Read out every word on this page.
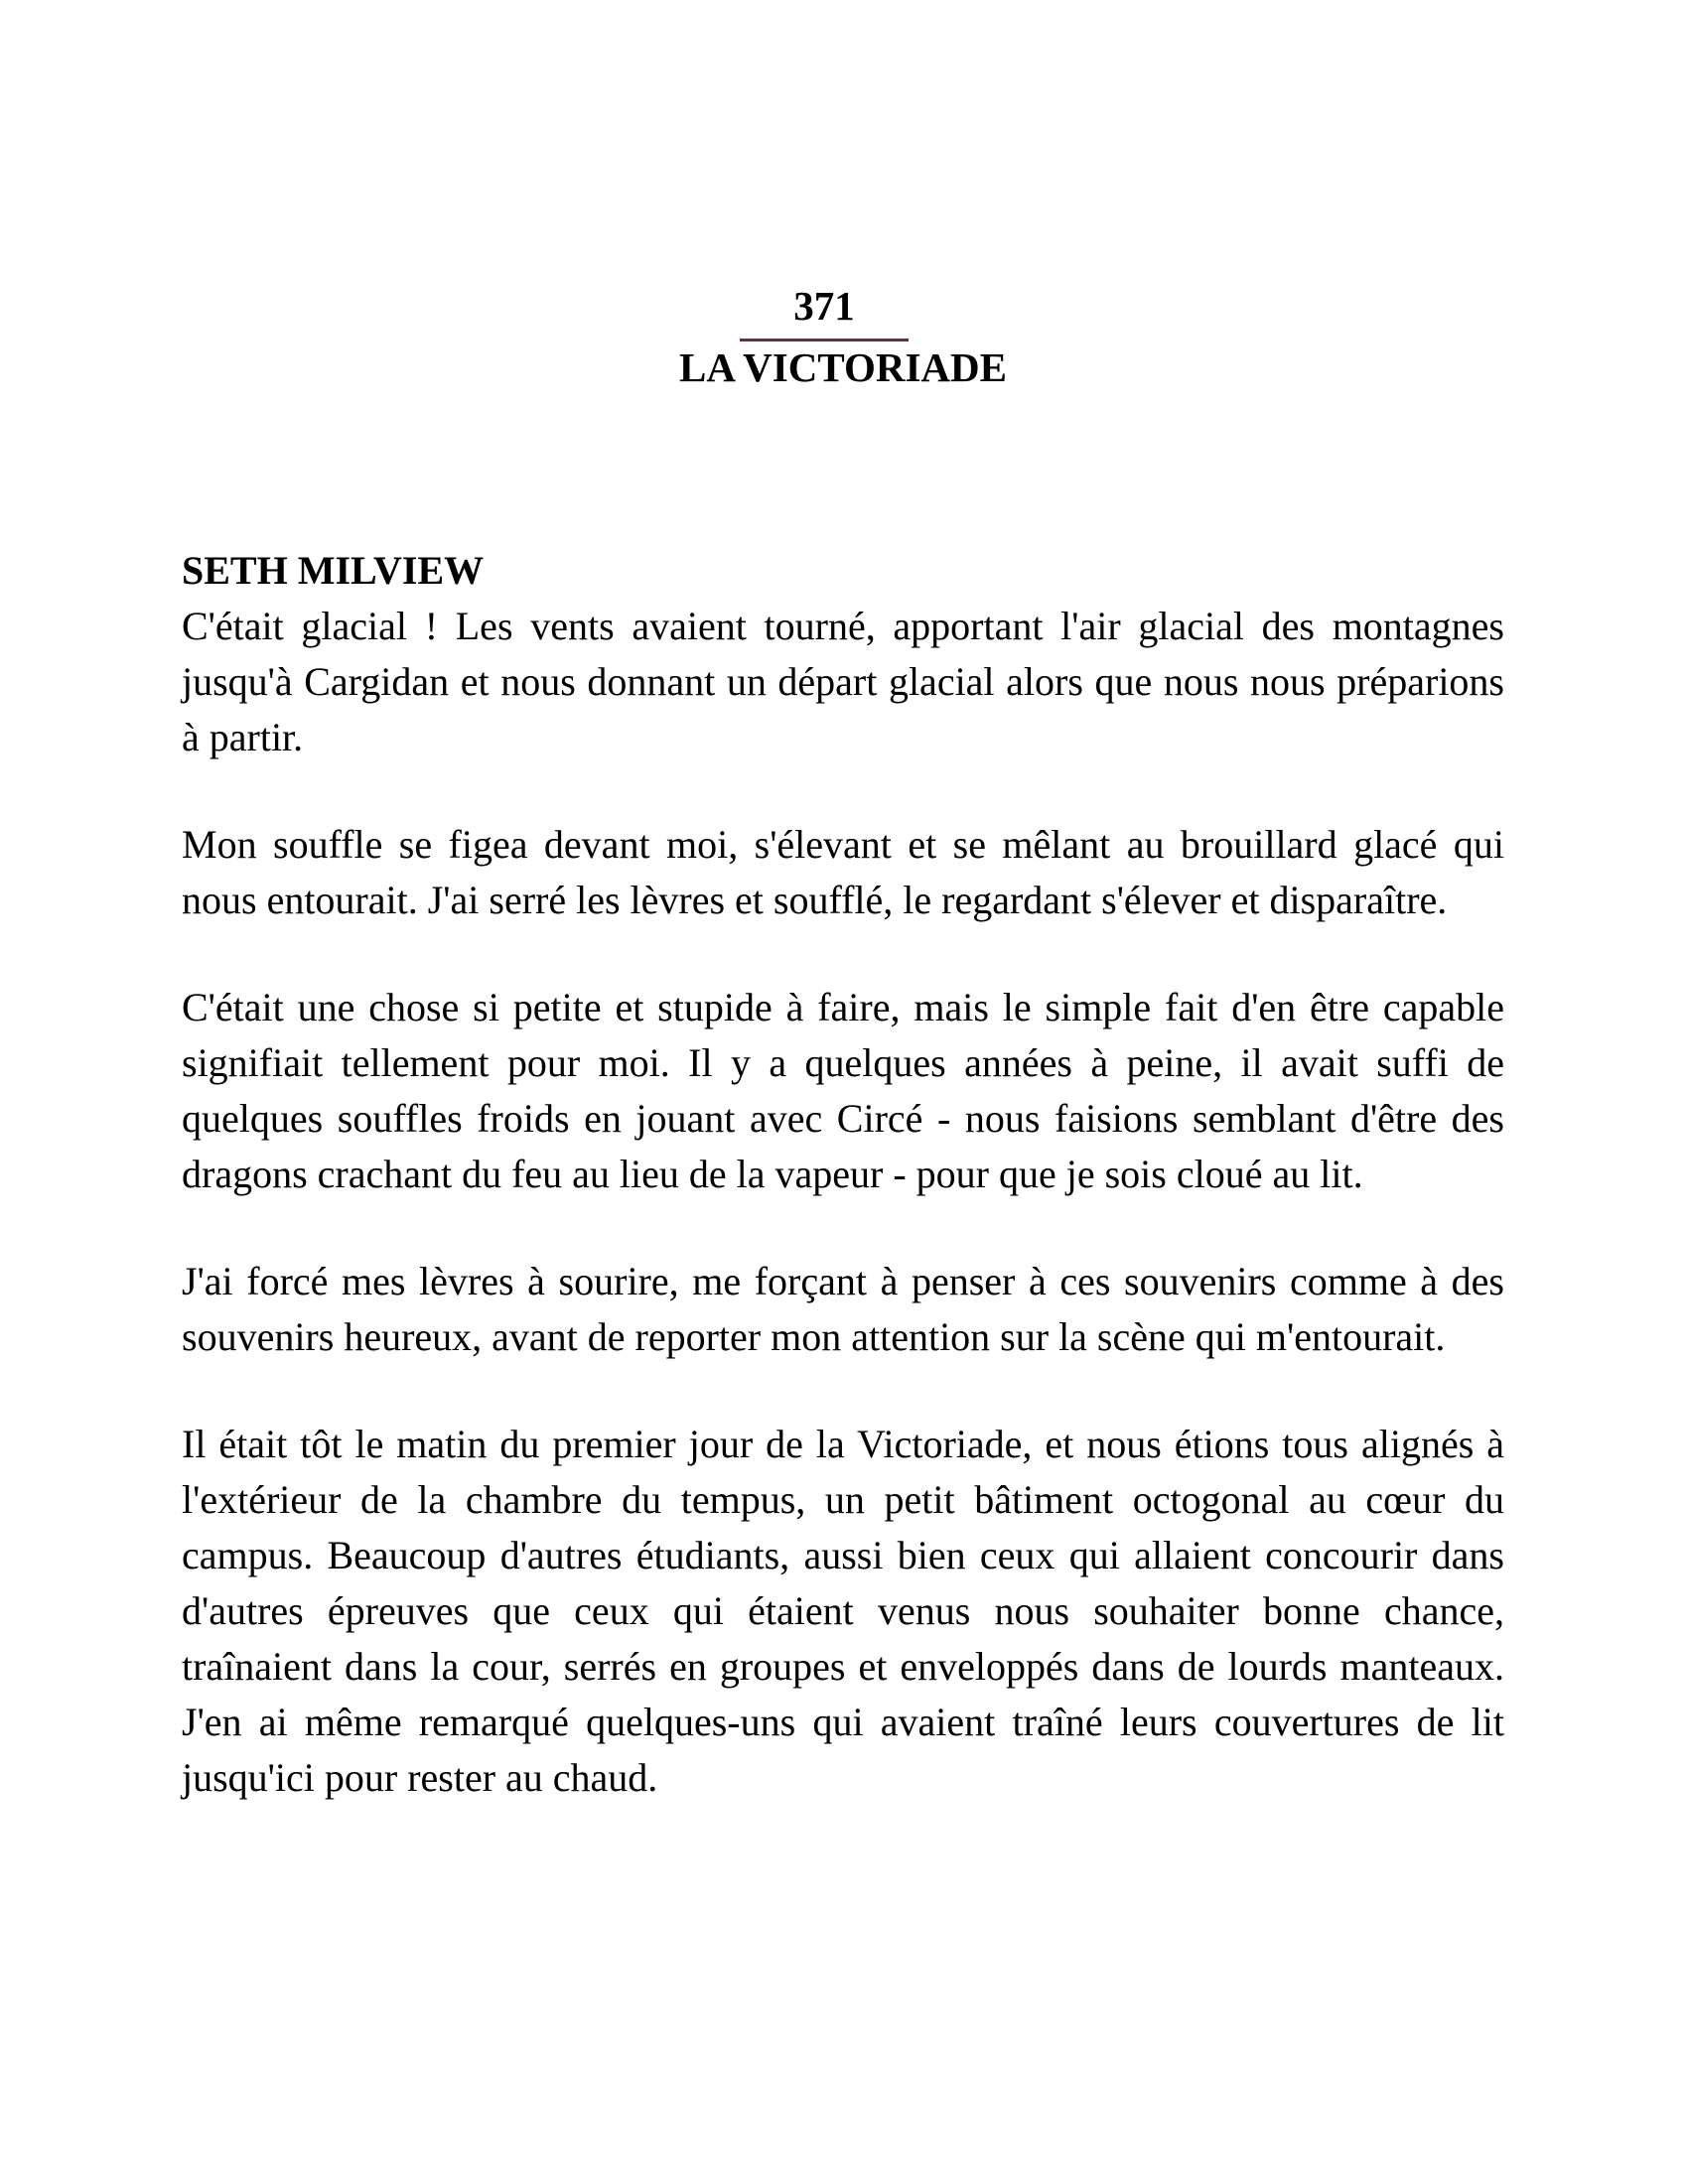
371
LA VICTORIADE
SETH MILVIEW

C'était glacial ! Les vents avaient tourné, apportant l'air glacial des montagnes jusqu'à Cargidan et nous donnant un départ glacial alors que nous nous préparions à partir.

Mon souffle se figea devant moi, s'élevant et se mêlant au brouillard glacé qui nous entourait. J'ai serré les lèvres et soufflé, le regardant s'élever et disparaître.

C'était une chose si petite et stupide à faire, mais le simple fait d'en être capable signifiait tellement pour moi. Il y a quelques années à peine, il avait suffi de quelques souffles froids en jouant avec Circé - nous faisions semblant d'être des dragons crachant du feu au lieu de la vapeur - pour que je sois cloué au lit.

J'ai forcé mes lèvres à sourire, me forçant à penser à ces souvenirs comme à des souvenirs heureux, avant de reporter mon attention sur la scène qui m'entourait.

Il était tôt le matin du premier jour de la Victoriade, et nous étions tous alignés à l'extérieur de la chambre du tempus, un petit bâtiment octogonal au cœur du campus. Beaucoup d'autres étudiants, aussi bien ceux qui allaient concourir dans d'autres épreuves que ceux qui étaient venus nous souhaiter bonne chance, traînaient dans la cour, serrés en groupes et enveloppés dans de lourds manteaux. J'en ai même remarqué quelques-uns qui avaient traîné leurs couvertures de lit jusqu'ici pour rester au chaud.
